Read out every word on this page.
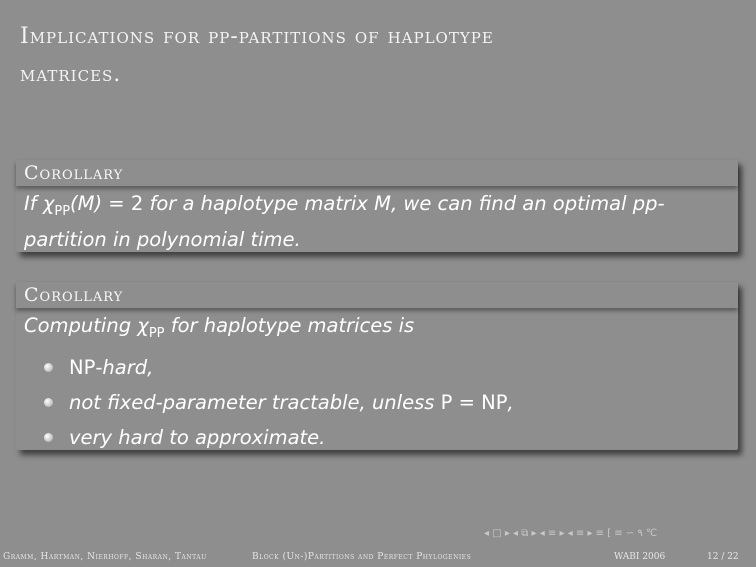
Implications for pp-partitions of haplotype
matrices.
Corollary
If $\chi_{PP}(M) = 2$ for a haplotype matrix M, we can find an optimal pp-partition in polynomial time.
Corollary
Computing $\chi_{PP}$ for haplotype matrices is
NP-hard,
not fixed-parameter tractable, unless P = NP,
very hard to approximate.
◂ □ ▸ ◂ ⧉ ▸ ◂ ≡ ▸ ◂ ≡ ▸ ≡ ⁅ ≡ ∽ ۹ ℃
Gramm, Hartman, Nierhoff, Sharan, Tantau	Block (Un-)Partitions and Perfect Phylogenies	WABI 2006	12 / 22
